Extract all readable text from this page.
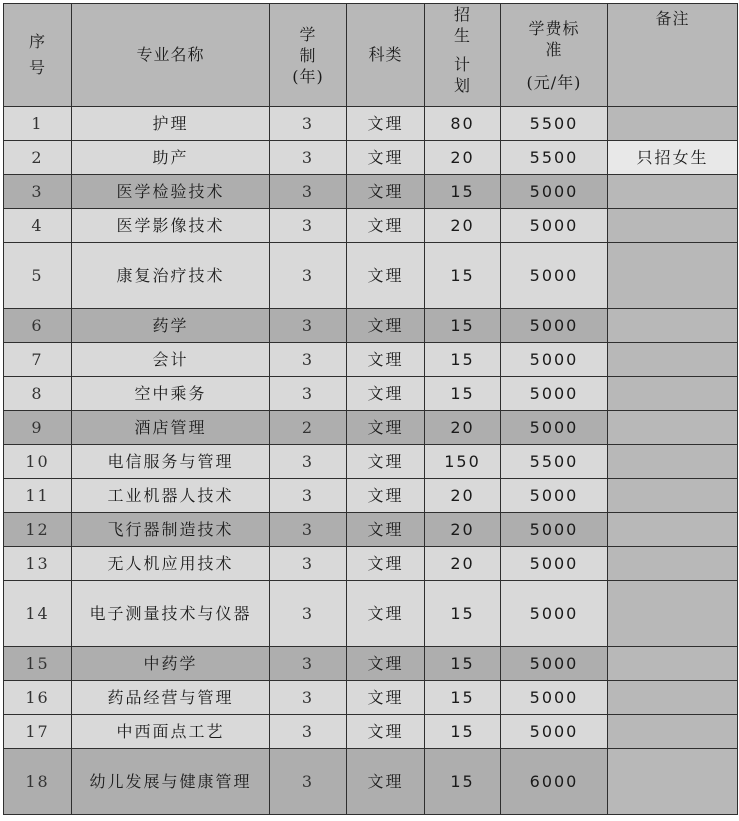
序
号	专业名称	学
制
(年)	科类	招
生
计
划	学费标
准
(元/年)	备注
1	护理	3	文理	80	5500	
2	助产	3	文理	20	5500	只招女生
3	医学检验技术	3	文理	15	5000	
4	医学影像技术	3	文理	20	5000	
5	康复治疗技术	3	文理	15	5000	
6	药学	3	文理	15	5000	
7	会计	3	文理	15	5000	
8	空中乘务	3	文理	15	5000	
9	酒店管理	2	文理	20	5000	
10	电信服务与管理	3	文理	150	5500	
11	工业机器人技术	3	文理	20	5000	
12	飞行器制造技术	3	文理	20	5000	
13	无人机应用技术	3	文理	20	5000	
14	电子测量技术与仪器	3	文理	15	5000	
15	中药学	3	文理	15	5000	
16	药品经营与管理	3	文理	15	5000	
17	中西面点工艺	3	文理	15	5000	
18	幼儿发展与健康管理	3	文理	15	6000	
